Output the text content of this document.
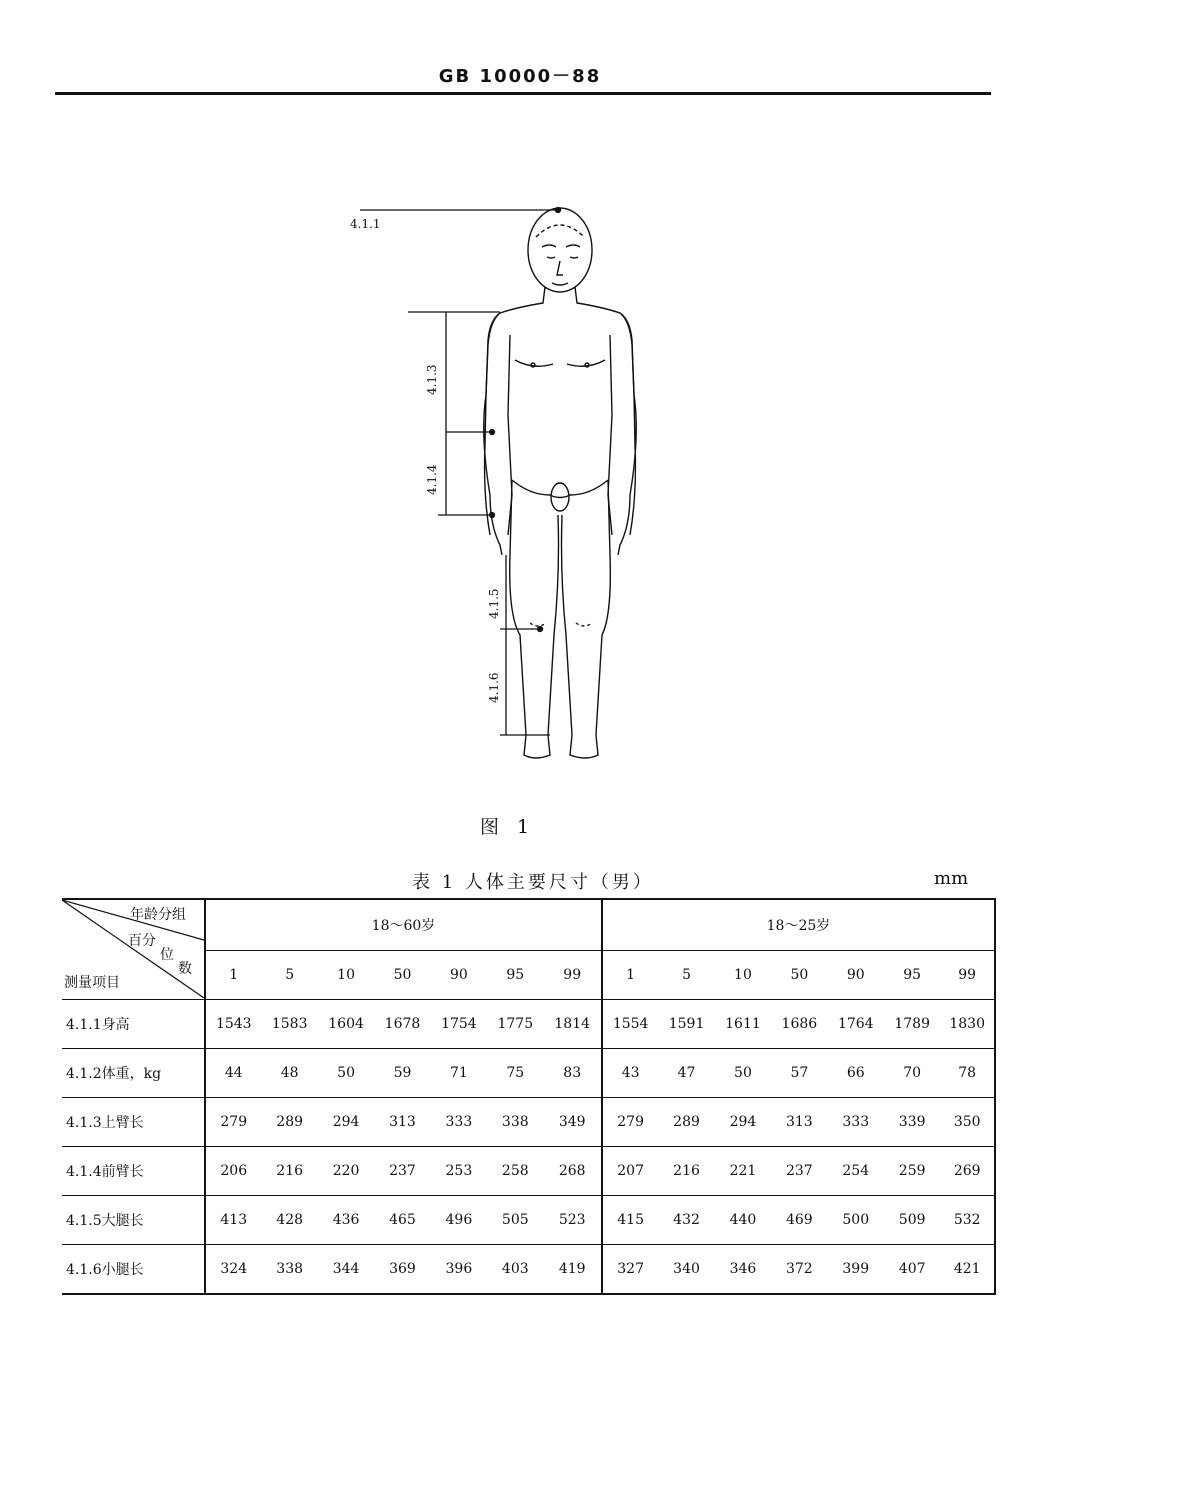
GB 10000－88
4.1.1
4.1.3
4.1.4
4.1.5
4.1.6
图 1
表 1 人体主要尺寸（男）	mm
年龄分组
百分
位
数
测量项目	18～60岁							18～25岁						
	1	5	10	50	90	95	99	1	5	10	50	90	95	99
4.1.1身高	1543	1583	1604	1678	1754	1775	1814	1554	1591	1611	1686	1764	1789	1830
4.1.2体重，kg	44	48	50	59	71	75	83	43	47	50	57	66	70	78
4.1.3上臂长	279	289	294	313	333	338	349	279	289	294	313	333	339	350
4.1.4前臂长	206	216	220	237	253	258	268	207	216	221	237	254	259	269
4.1.5大腿长	413	428	436	465	496	505	523	415	432	440	469	500	509	532
4.1.6小腿长	324	338	344	369	396	403	419	327	340	346	372	399	407	421
